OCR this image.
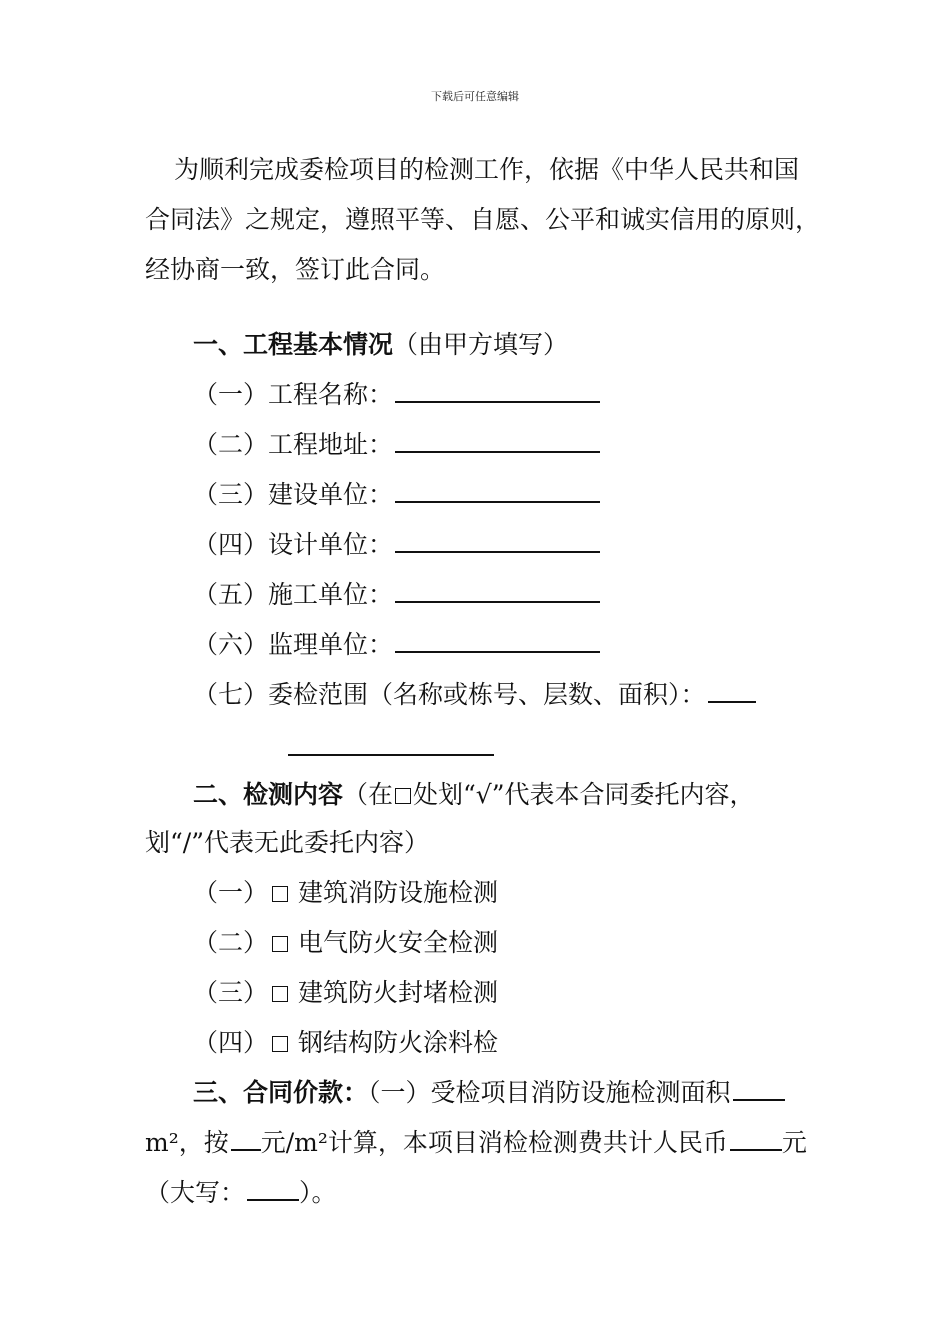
下载后可任意编辑
为顺利完成委检项目的检测工作，依据《中华人民共和国
合同法》之规定，遵照平等、自愿、公平和诚实信用的原则，
经协商一致，签订此合同。
一、工程基本情况（由甲方填写）
（一）工程名称：
（二）工程地址：
（三）建设单位：
（四）设计单位：
（五）施工单位：
（六）监理单位：
（七）委检范围（名称或栋号、层数、面积）：
二、检测内容（在 处划“√”代表本合同委托内容，
划“/”代表无此委托内容）
（一） 建筑消防设施检测
（二） 电气防火安全检测
（三） 建筑防火封堵检测
（四） 钢结构防火涂料检
三、合同价款：（一）受检项目消防设施检测面积
m²，按 元/m²计算，本项目消检检测费共计人民币 元
（大写： ）。
